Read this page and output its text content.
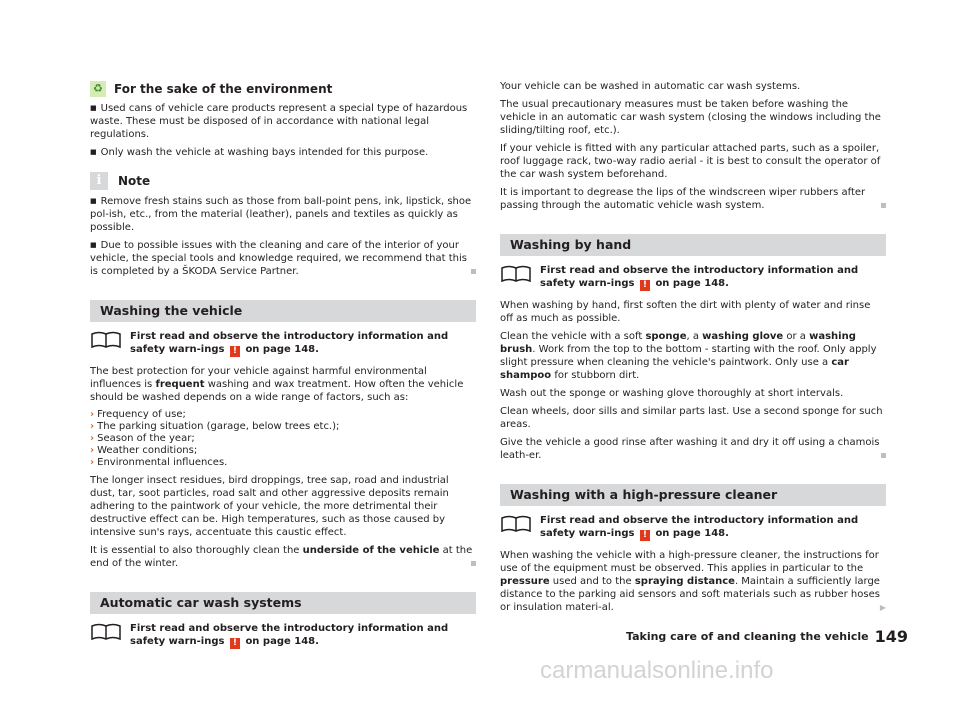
♻ For the sake of the environment

■ Used cans of vehicle care products represent a special type of hazardous waste. These must be disposed of in accordance with national legal regulations.

■ Only wash the vehicle at washing bays intended for this purpose.

i	Note

■ Remove fresh stains such as those from ball-point pens, ink, lipstick, shoe pol-ish, etc., from the material (leather), panels and textiles as quickly as possible.

■ Due to possible issues with the cleaning and care of the interior of your vehicle, the special tools and knowledge required, we recommend that this is completed by a ŠKODA Service Partner.

Washing the vehicle
First read and observe the introductory information and safety warn-ings ! on page 148.

The best protection for your vehicle against harmful environmental influences is frequent washing and wax treatment. How often the vehicle should be washed depends on a wide range of factors, such as:

› Frequency of use;
› The parking situation (garage, below trees etc.);
› Season of the year;
› Weather conditions;
› Environmental influences.

The longer insect residues, bird droppings, tree sap, road and industrial dust, tar, soot particles, road salt and other aggressive deposits remain adhering to the paintwork of your vehicle, the more detrimental their destructive effect can be. High temperatures, such as those caused by intensive sun's rays, accentuate this caustic effect.

It is essential to also thoroughly clean the underside of the vehicle at the end of the winter.

Automatic car wash systems
First read and observe the introductory information and safety warn-ings ! on page 148.

Your vehicle can be washed in automatic car wash systems.

The usual precautionary measures must be taken before washing the vehicle in an automatic car wash system (closing the windows including the sliding/tilting roof, etc.).

If your vehicle is fitted with any particular attached parts, such as a spoiler, roof luggage rack, two-way radio aerial - it is best to consult the operator of the car wash system beforehand.

It is important to degrease the lips of the windscreen wiper rubbers after passing through the automatic vehicle wash system.

Washing by hand
First read and observe the introductory information and safety warn-ings ! on page 148.

When washing by hand, first soften the dirt with plenty of water and rinse off as much as possible.

Clean the vehicle with a soft sponge, a washing glove or a washing brush. Work from the top to the bottom - starting with the roof. Only apply slight pressure when cleaning the vehicle's paintwork. Only use a car shampoo for stubborn dirt.

Wash out the sponge or washing glove thoroughly at short intervals.

Clean wheels, door sills and similar parts last. Use a second sponge for such areas.

Give the vehicle a good rinse after washing it and dry it off using a chamois leath-er.

Washing with a high-pressure cleaner
First read and observe the introductory information and safety warn-ings ! on page 148.

When washing the vehicle with a high-pressure cleaner, the instructions for use of the equipment must be observed. This applies in particular to the pressure used and to the spraying distance. Maintain a sufficiently large distance to the parking aid sensors and soft materials such as rubber hoses or insulation materi-al.	▶

Taking care of and cleaning the vehicle 149
carmanualsonline.info
